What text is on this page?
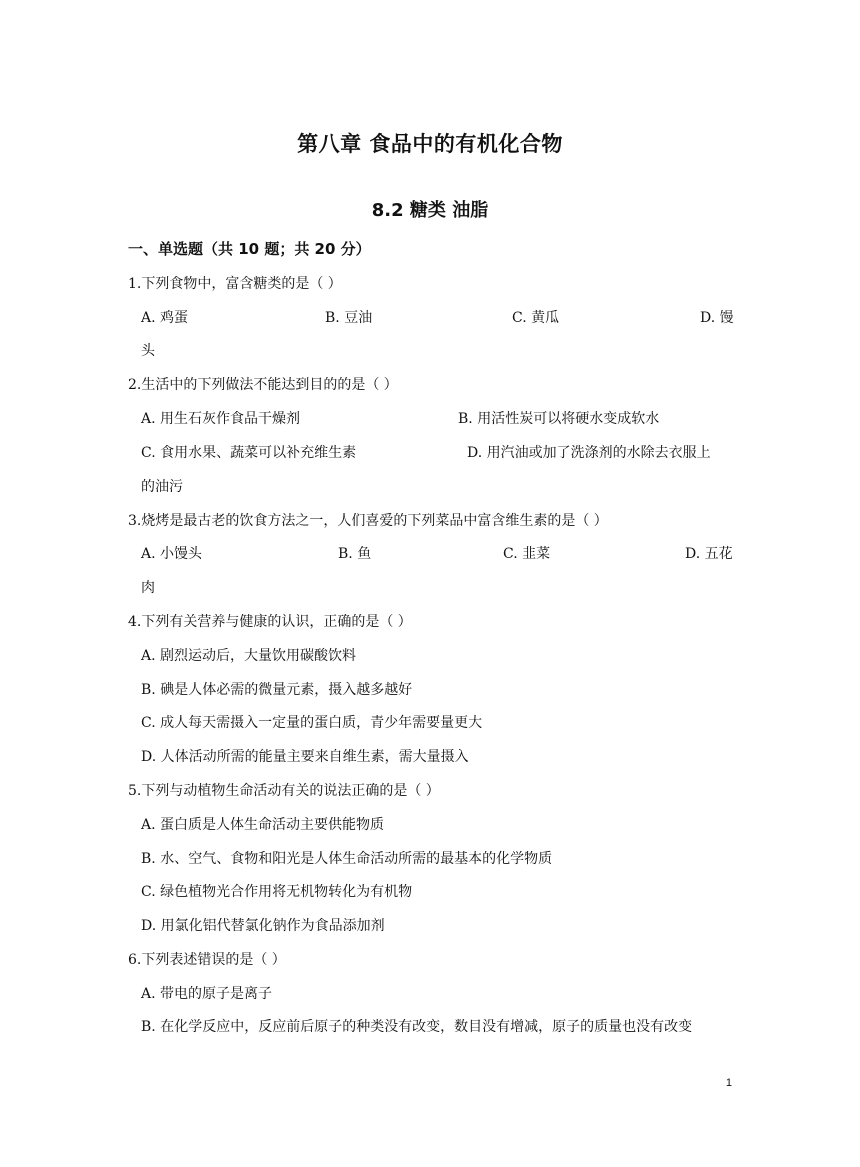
第八章 食品中的有机化合物
8.2 糖类 油脂
一、单选题（共 10 题；共 20 分）
1.下列食物中，富含糖类的是（ ）
A. 鸡蛋	B. 豆油	C. 黄瓜	D. 馒
头
2.生活中的下列做法不能达到目的的是（ ）
A. 用生石灰作食品干燥剂	B. 用活性炭可以将硬水变成软水
C. 食用水果、蔬菜可以补充维生素	D. 用汽油或加了洗涤剂的水除去衣服上
的油污
3.烧烤是最古老的饮食方法之一，人们喜爱的下列菜品中富含维生素的是（ ）
A. 小馒头	B. 鱼	C. 韭菜	D. 五花
肉
4.下列有关营养与健康的认识，正确的是（ ）
A. 剧烈运动后，大量饮用碳酸饮料
B. 碘是人体必需的微量元素，摄入越多越好
C. 成人每天需摄入一定量的蛋白质，青少年需要量更大
D. 人体活动所需的能量主要来自维生素，需大量摄入
5.下列与动植物生命活动有关的说法正确的是（ ）
A. 蛋白质是人体生命活动主要供能物质
B. 水、空气、食物和阳光是人体生命活动所需的最基本的化学物质
C. 绿色植物光合作用将无机物转化为有机物
D. 用氯化铝代替氯化钠作为食品添加剂
6.下列表述错误的是（ ）
A. 带电的原子是离子
B. 在化学反应中，反应前后原子的种类没有改变，数目没有增减，原子的质量也没有改变
1
